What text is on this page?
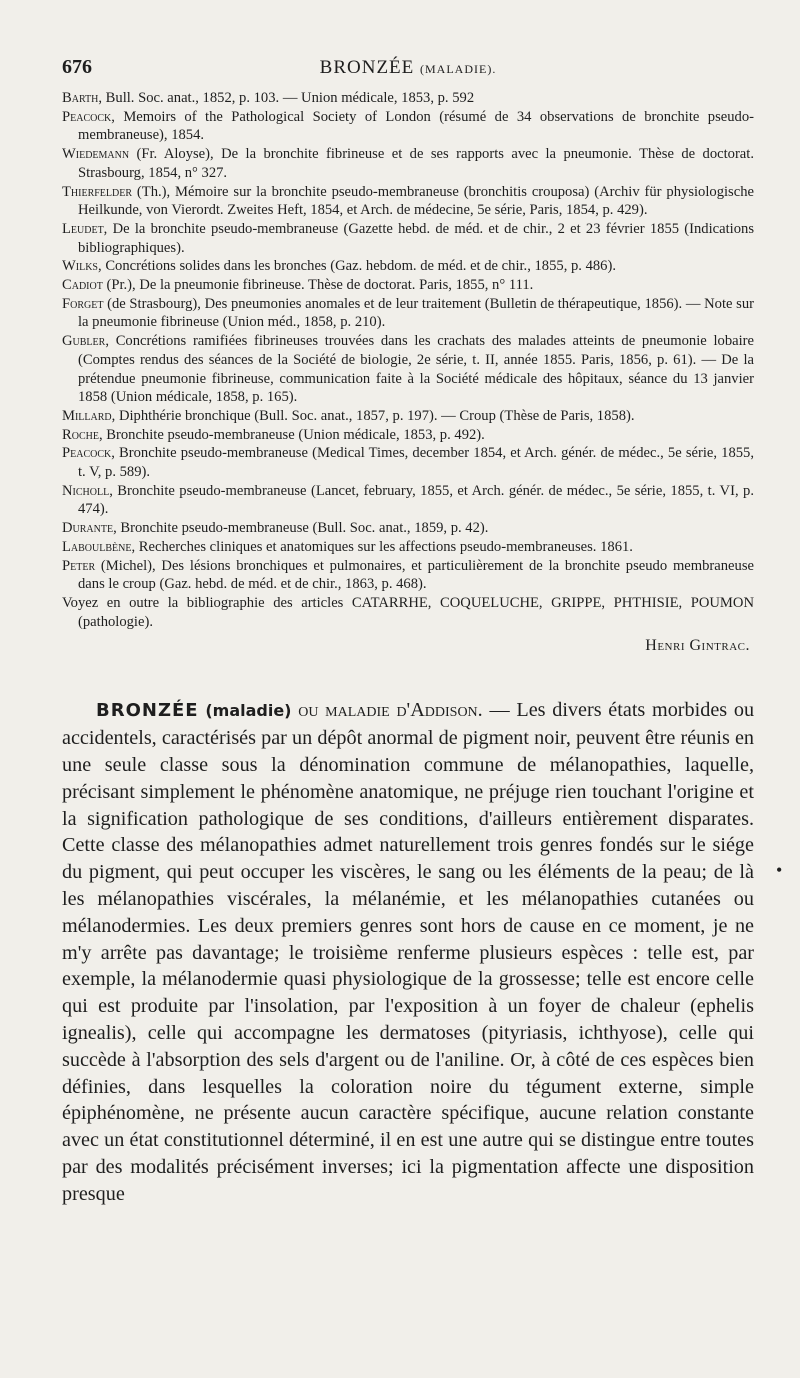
676	BRONZÉE (MALADIE).
Barth, Bull. Soc. anat., 1852, p. 103. — Union médicale, 1853, p. 592
Peacock, Memoirs of the Pathological Society of London (résumé de 34 observations de bronchite pseudo-membraneuse), 1854.
Wiedemann (Fr. Aloyse), De la bronchite fibrineuse et de ses rapports avec la pneumonie. Thèse de doctorat. Strasbourg, 1854, n° 327.
Thierfelder (Th.), Mémoire sur la bronchite pseudo-membraneuse (bronchitis crouposa) (Archiv für physiologische Heilkunde, von Vierordt. Zweites Heft, 1854, et Arch. de médecine, 5e série, Paris, 1854, p. 429).
Leudet, De la bronchite pseudo-membraneuse (Gazette hebd. de méd. et de chir., 2 et 23 février 1855 (Indications bibliographiques).
Wilks, Concrétions solides dans les bronches (Gaz. hebdom. de méd. et de chir., 1855, p. 486).
Cadiot (Pr.), De la pneumonie fibrineuse. Thèse de doctorat. Paris, 1855, n° 111.
Forget (de Strasbourg), Des pneumonies anomales et de leur traitement (Bulletin de thérapeutique, 1856). — Note sur la pneumonie fibrineuse (Union méd., 1858, p. 210).
Gubler, Concrétions ramifiées fibrineuses trouvées dans les crachats des malades atteints de pneumonie lobaire (Comptes rendus des séances de la Société de biologie, 2e série, t. II, année 1855. Paris, 1856, p. 61). — De la prétendue pneumonie fibrineuse, communication faite à la Société médicale des hôpitaux, séance du 13 janvier 1858 (Union médicale, 1858, p. 165).
Millard, Diphthérie bronchique (Bull. Soc. anat., 1857, p. 197). — Croup (Thèse de Paris, 1858).
Roche, Bronchite pseudo-membraneuse (Union médicale, 1853, p. 492).
Peacock, Bronchite pseudo-membraneuse (Medical Times, december 1854, et Arch. génér. de médec., 5e série, 1855, t. V, p. 589).
Nicholl, Bronchite pseudo-membraneuse (Lancet, february, 1855, et Arch. génér. de médec., 5e série, 1855, t. VI, p. 474).
Durante, Bronchite pseudo-membraneuse (Bull. Soc. anat., 1859, p. 42).
Laboulbène, Recherches cliniques et anatomiques sur les affections pseudo-membraneuses. 1861.
Peter (Michel), Des lésions bronchiques et pulmonaires, et particulièrement de la bronchite pseudo membraneuse dans le croup (Gaz. hebd. de méd. et de chir., 1863, p. 468).
Voyez en outre la bibliographie des articles CATARRHE, COQUELUCHE, GRIPPE, PHTHISIE, POUMON (pathologie).
Henri Gintrac.

BRONZÉE (maladie) ou maladie d'Addison. — Les divers états morbides ou accidentels, caractérisés par un dépôt anormal de pigment noir, peuvent être réunis en une seule classe sous la dénomination commune de mélanopathies, laquelle, précisant simplement le phénomène anatomique, ne préjuge rien touchant l'origine et la signification pathologique de ses conditions, d'ailleurs entièrement disparates. Cette classe des mélanopathies admet naturellement trois genres fondés sur le siége du pigment, qui peut occuper les viscères, le sang ou les éléments de la peau; de là les mélanopathies viscérales, la mélanémie, et les mélanopathies cutanées ou mélanodermies. Les deux premiers genres sont hors de cause en ce moment, je ne m'y arrête pas davantage; le troisième renferme plusieurs espèces : telle est, par exemple, la mélanodermie quasi physiologique de la grossesse; telle est encore celle qui est produite par l'insolation, par l'exposition à un foyer de chaleur (ephelis ignealis), celle qui accompagne les dermatoses (pityriasis, ichthyose), celle qui succède à l'absorption des sels d'argent ou de l'aniline. Or, à côté de ces espèces bien définies, dans lesquelles la coloration noire du tégument externe, simple épiphénomène, ne présente aucun caractère spécifique, aucune relation constante avec un état constitutionnel déterminé, il en est une autre qui se distingue entre toutes par des modalités précisément inverses; ici la pigmentation affecte une disposition presque

•
